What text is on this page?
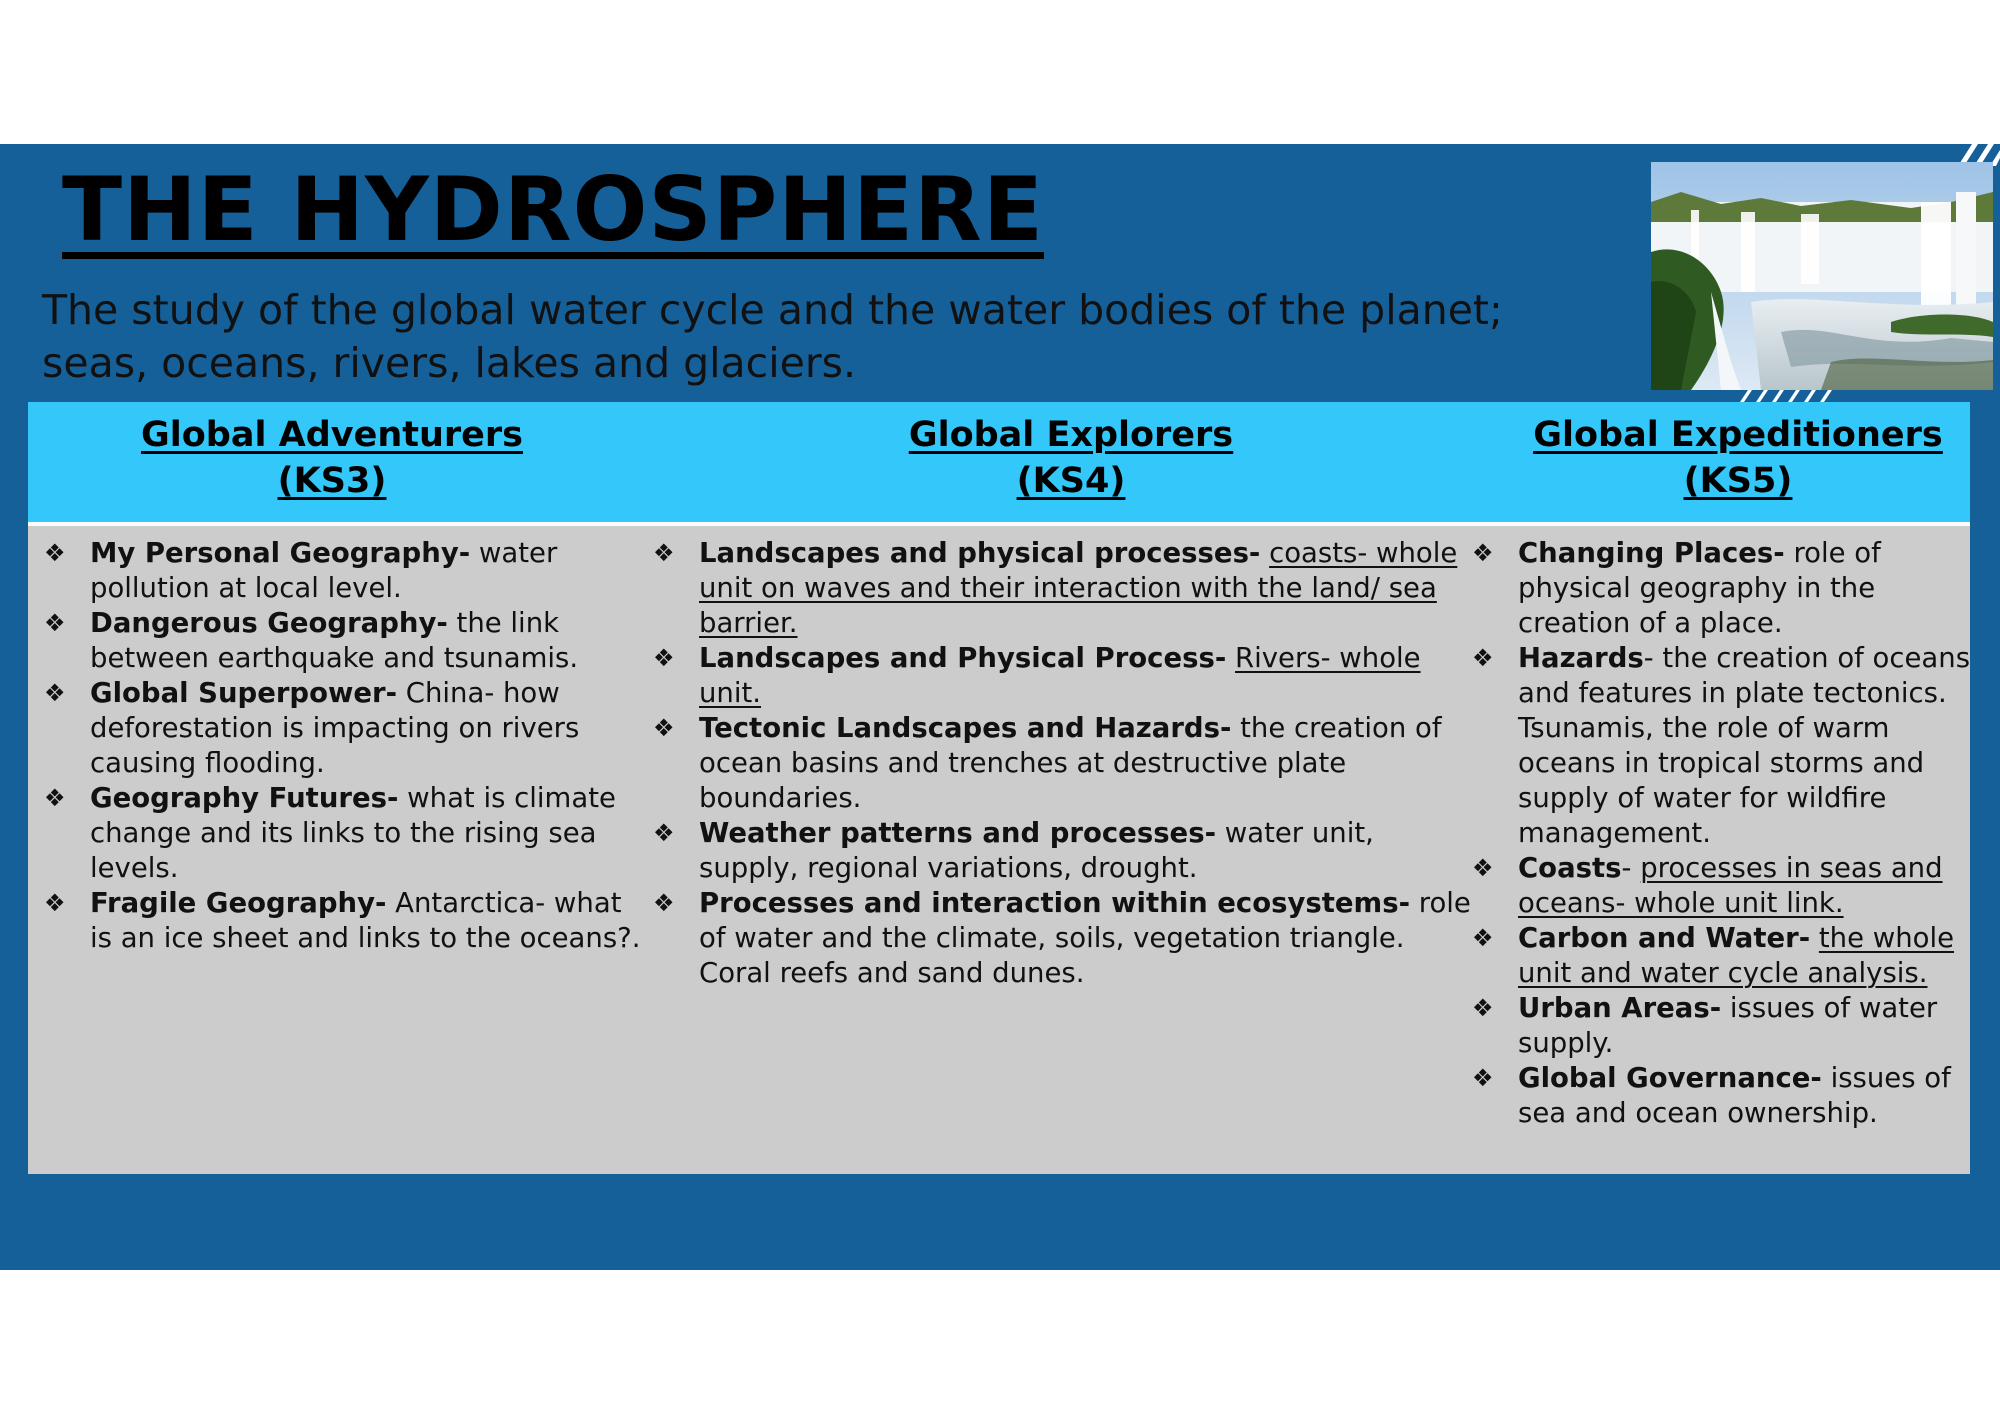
THE HYDROSPHERE
The study of the global water cycle and the water bodies of the planet; seas, oceans, rivers, lakes and glaciers.
Global Adventurers
(KS3)
Global Explorers
(KS4)
Global Expeditioners
(KS5)
❖ My Personal Geography- water pollution at local level.
❖ Dangerous Geography- the link between earthquake and tsunamis.
❖ Global Superpower- China- how deforestation is impacting on rivers causing flooding.
❖ Geography Futures- what is climate change and its links to the rising sea levels.
❖ Fragile Geography- Antarctica- what is an ice sheet and links to the oceans?.
❖ Landscapes and physical processes- coasts- whole unit on waves and their interaction with the land/ sea barrier.
❖ Landscapes and Physical Process- Rivers- whole unit.
❖ Tectonic Landscapes and Hazards- the creation of ocean basins and trenches at destructive plate boundaries.
❖ Weather patterns and processes- water unit, supply, regional variations, drought.
❖ Processes and interaction within ecosystems- role of water and the climate, soils, vegetation triangle. Coral reefs and sand dunes.
❖ Changing Places- role of physical geography in the creation of a place.
❖ Hazards- the creation of oceans and features in plate tectonics. Tsunamis, the role of warm oceans in tropical storms and supply of water for wildfire management.
❖ Coasts- processes in seas and oceans- whole unit link.
❖ Carbon and Water- the whole unit and water cycle analysis.
❖ Urban Areas- issues of water supply.
❖ Global Governance- issues of sea and ocean ownership.
